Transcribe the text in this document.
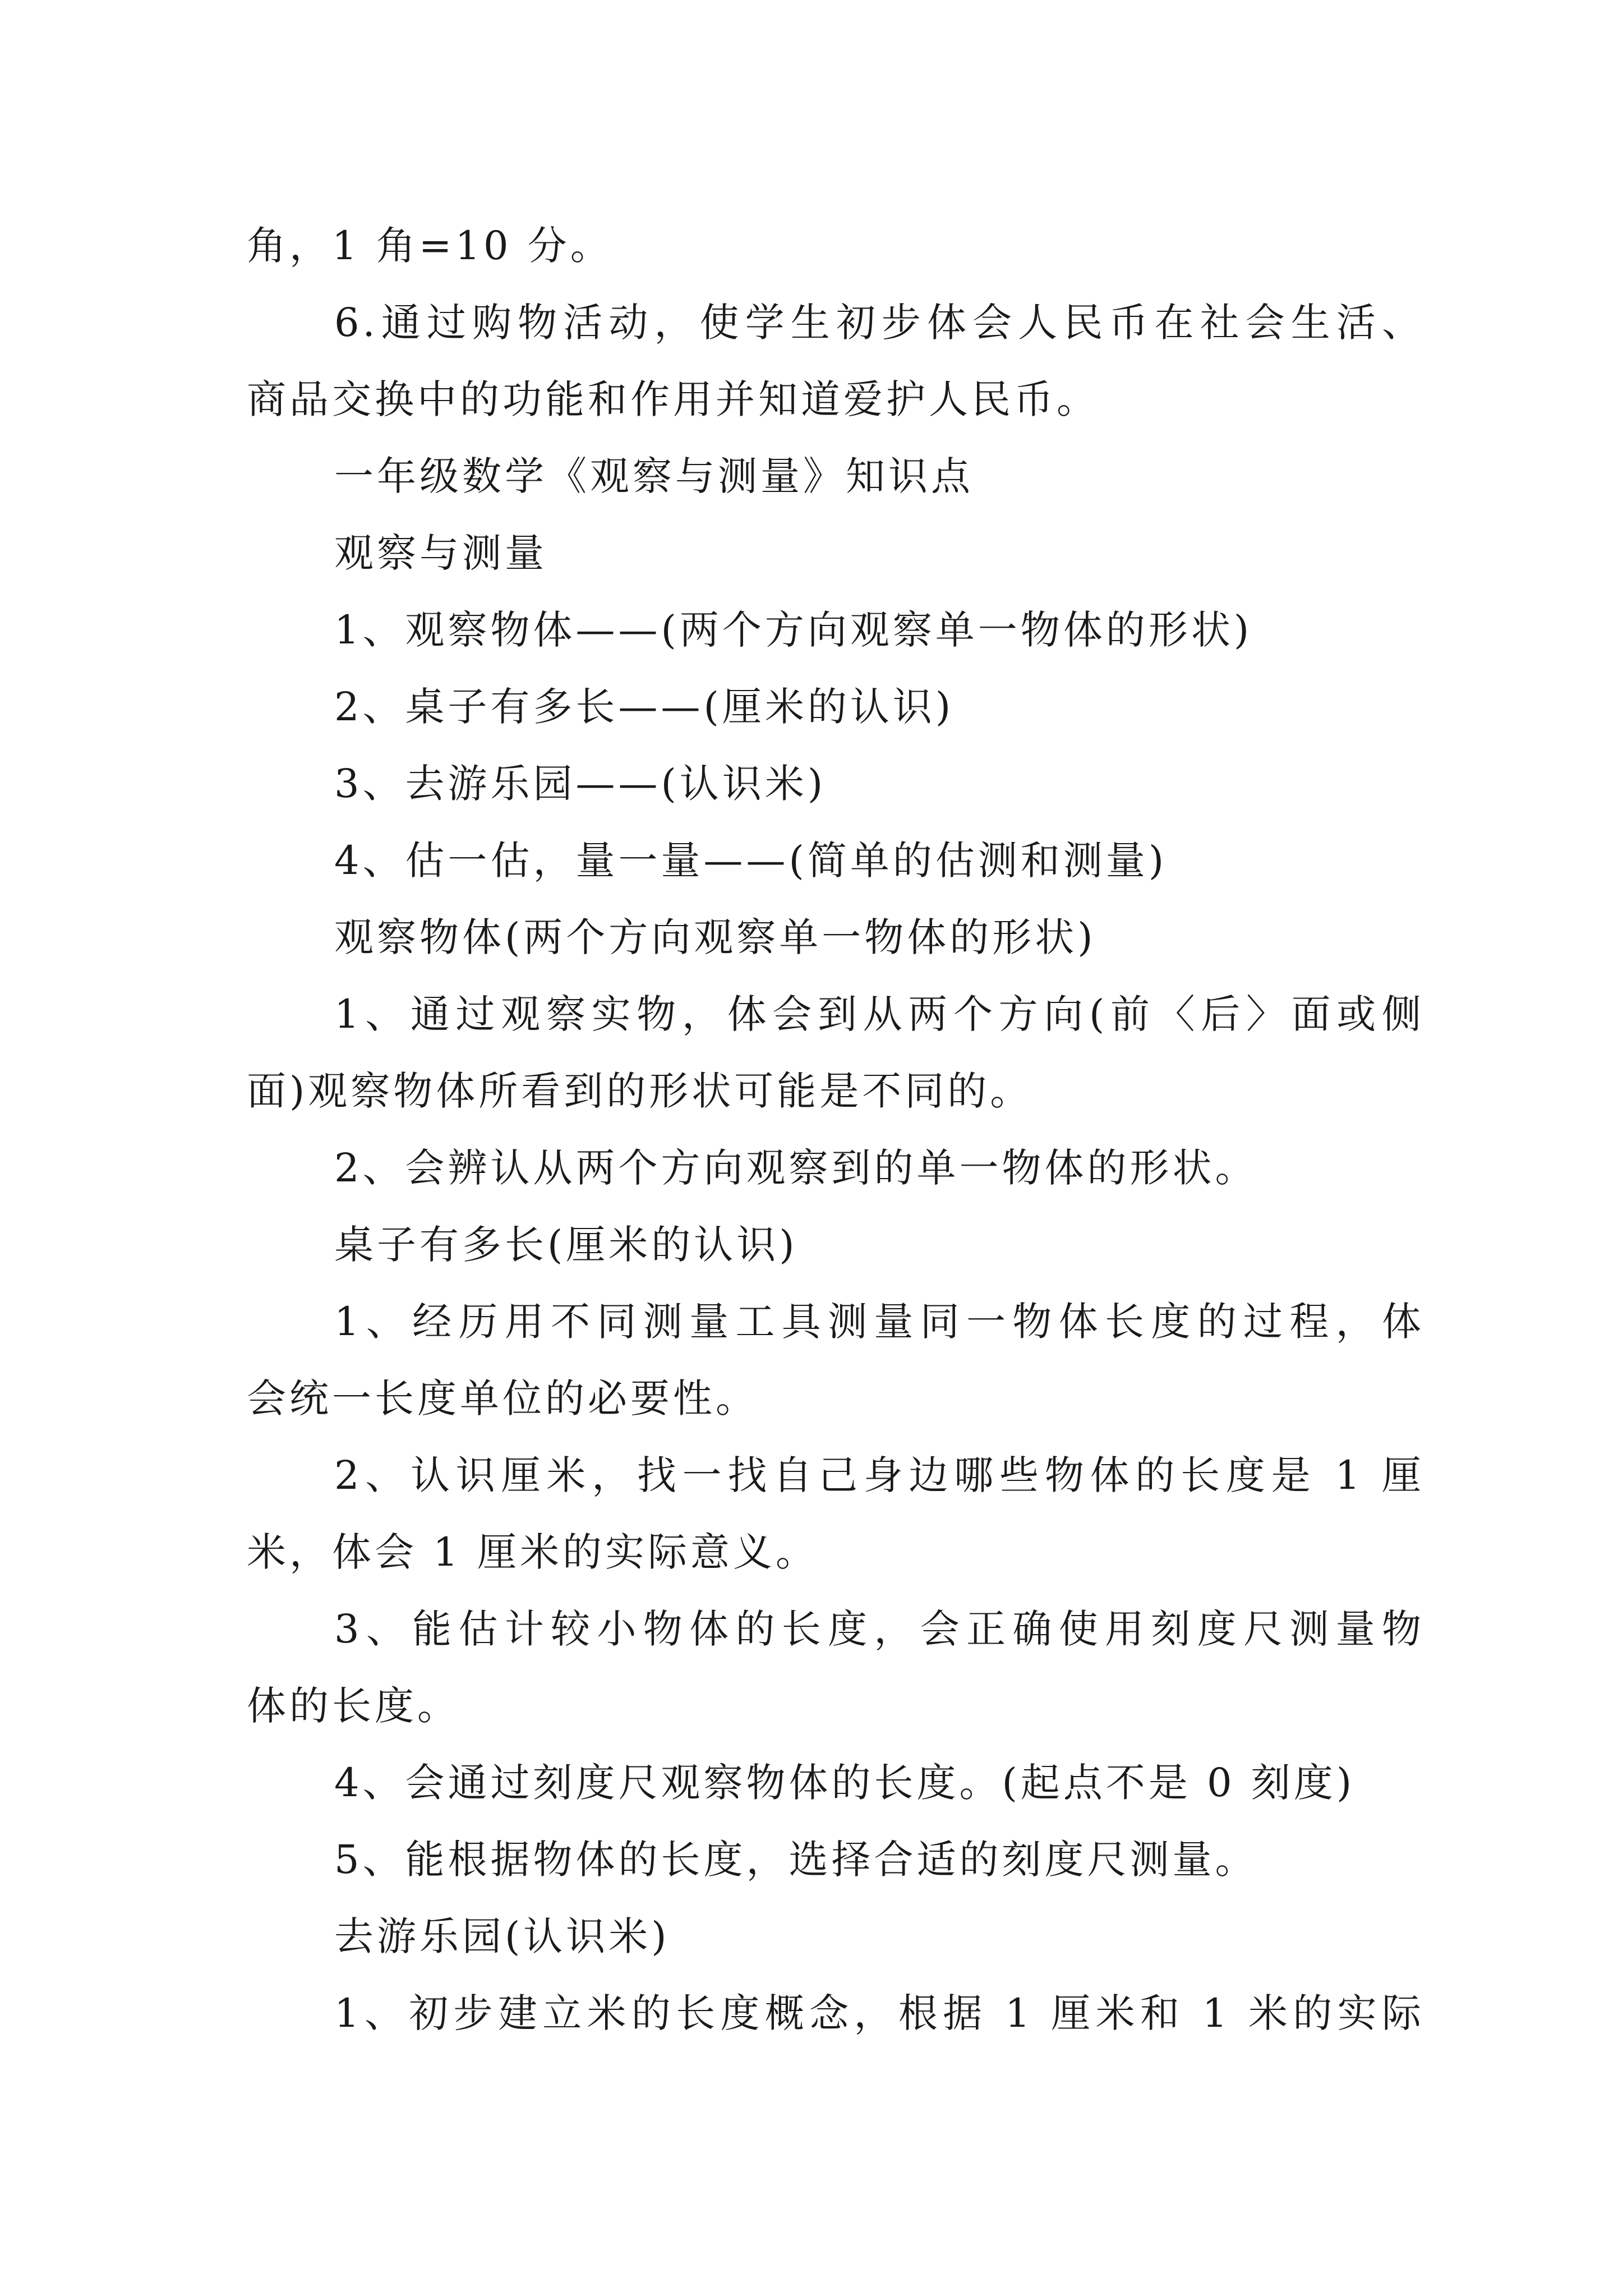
角，1 角=10 分。
6.通过购物活动，使学生初步体会人民币在社会生活、
商品交换中的功能和作用并知道爱护人民币。
一年级数学《观察与测量》知识点
观察与测量
1、观察物体——(两个方向观察单一物体的形状)
2、桌子有多长——(厘米的认识)
3、去游乐园——(认识米)
4、估一估，量一量——(简单的估测和测量)
观察物体(两个方向观察单一物体的形状)
1、通过观察实物，体会到从两个方向(前〈后〉面或侧
面)观察物体所看到的形状可能是不同的。
2、会辨认从两个方向观察到的单一物体的形状。
桌子有多长(厘米的认识)
1、经历用不同测量工具测量同一物体长度的过程，体
会统一长度单位的必要性。
2、认识厘米，找一找自己身边哪些物体的长度是 1 厘
米，体会 1 厘米的实际意义。
3、能估计较小物体的长度，会正确使用刻度尺测量物
体的长度。
4、会通过刻度尺观察物体的长度。(起点不是 0 刻度)
5、能根据物体的长度，选择合适的刻度尺测量。
去游乐园(认识米)
1、初步建立米的长度概念，根据 1 厘米和 1 米的实际
